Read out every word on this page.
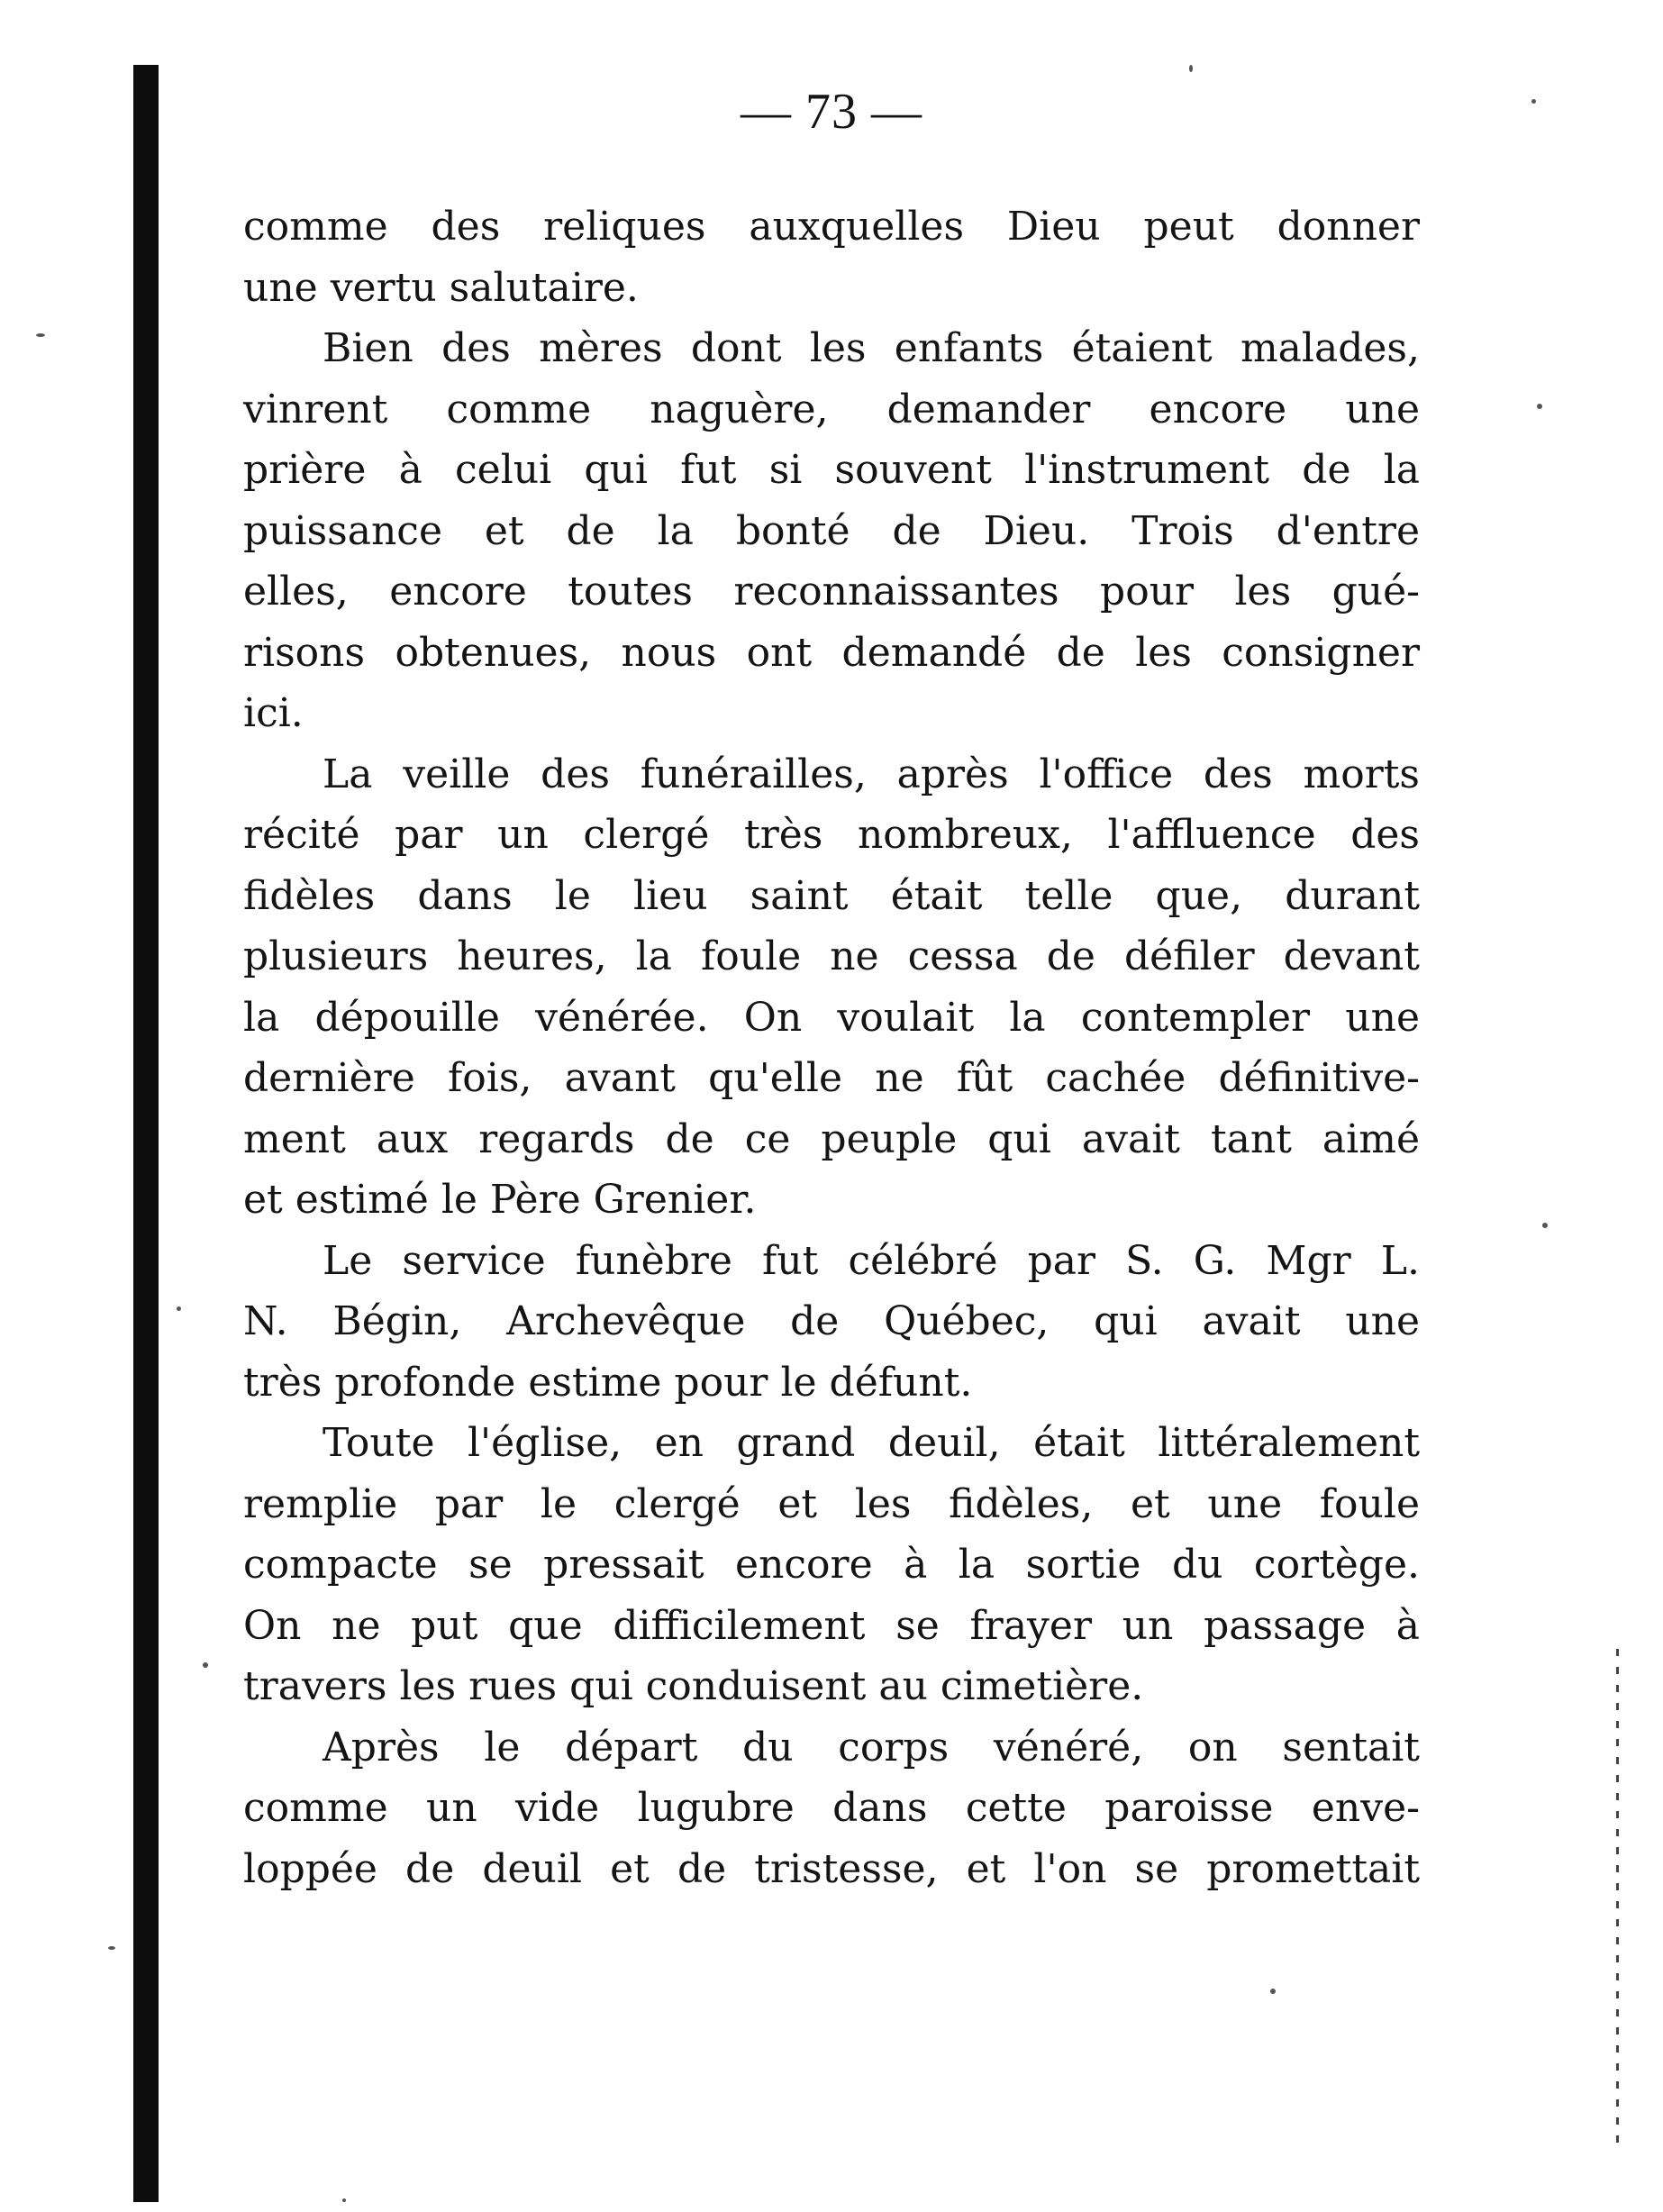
— 73 —

comme des reliques auxquelles Dieu peut donner
une vertu salutaire.

Bien des mères dont les enfants étaient malades,
vinrent comme naguère, demander encore une
prière à celui qui fut si souvent l'instrument de la
puissance et de la bonté de Dieu. Trois d'entre
elles, encore toutes reconnaissantes pour les gué-
risons obtenues, nous ont demandé de les consigner
ici.

La veille des funérailles, après l'office des morts
récité par un clergé très nombreux, l'affluence des
fidèles dans le lieu saint était telle que, durant
plusieurs heures, la foule ne cessa de défiler devant
la dépouille vénérée. On voulait la contempler une
dernière fois, avant qu'elle ne fût cachée définitive-
ment aux regards de ce peuple qui avait tant aimé
et estimé le Père Grenier.

Le service funèbre fut célébré par S. G. Mgr L.
N. Bégin, Archevêque de Québec, qui avait une
très profonde estime pour le défunt.

Toute l'église, en grand deuil, était littéralement
remplie par le clergé et les fidèles, et une foule
compacte se pressait encore à la sortie du cortège.
On ne put que difficilement se frayer un passage à
travers les rues qui conduisent au cimetière.

Après le départ du corps vénéré, on sentait
comme un vide lugubre dans cette paroisse enve-
loppée de deuil et de tristesse, et l'on se promettait
